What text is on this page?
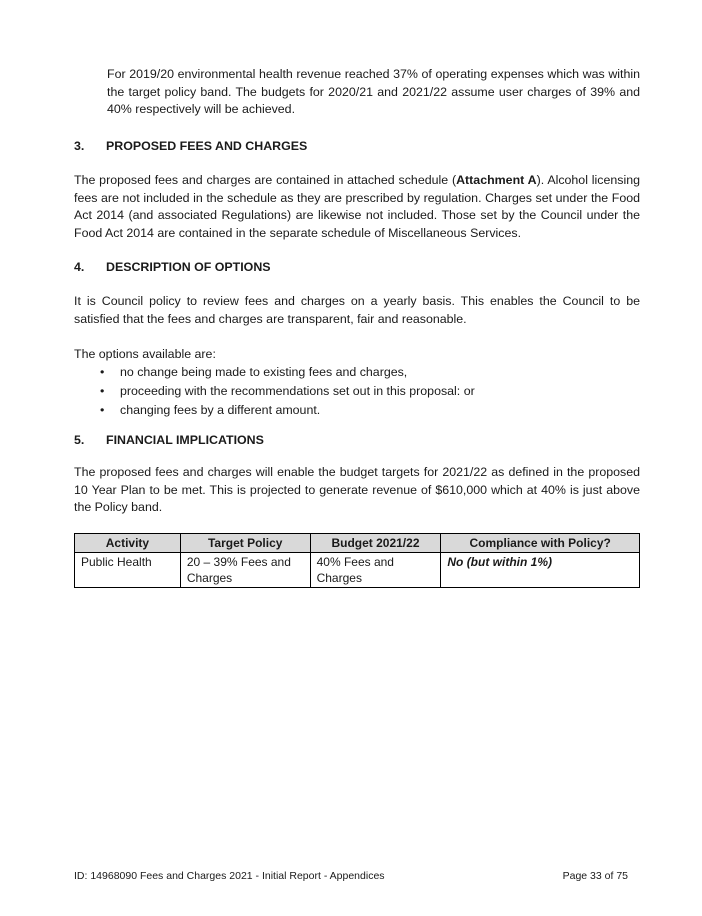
For 2019/20 environmental health revenue reached 37% of operating expenses which was within the target policy band. The budgets for 2020/21 and 2021/22 assume user charges of 39% and 40% respectively will be achieved.

3. PROPOSED FEES AND CHARGES

The proposed fees and charges are contained in attached schedule (Attachment A). Alcohol licensing fees are not included in the schedule as they are prescribed by regulation. Charges set under the Food Act 2014 (and associated Regulations) are likewise not included. Those set by the Council under the Food Act 2014 are contained in the separate schedule of Miscellaneous Services.

4. DESCRIPTION OF OPTIONS

It is Council policy to review fees and charges on a yearly basis. This enables the Council to be satisfied that the fees and charges are transparent, fair and reasonable.

The options available are:

• no change being made to existing fees and charges,
• proceeding with the recommendations set out in this proposal: or
• changing fees by a different amount.
5. FINANCIAL IMPLICATIONS

The proposed fees and charges will enable the budget targets for 2021/22 as defined in the proposed 10 Year Plan to be met. This is projected to generate revenue of $610,000 which at 40% is just above the Policy band.

Activity	Target Policy	Budget 2021/22	Compliance with Policy?
Public Health	20 – 39% Fees and Charges	40% Fees and Charges	No (but within 1%)
ID: 14968090 Fees and Charges 2021 - Initial Report - Appendices	Page 33 of 75
